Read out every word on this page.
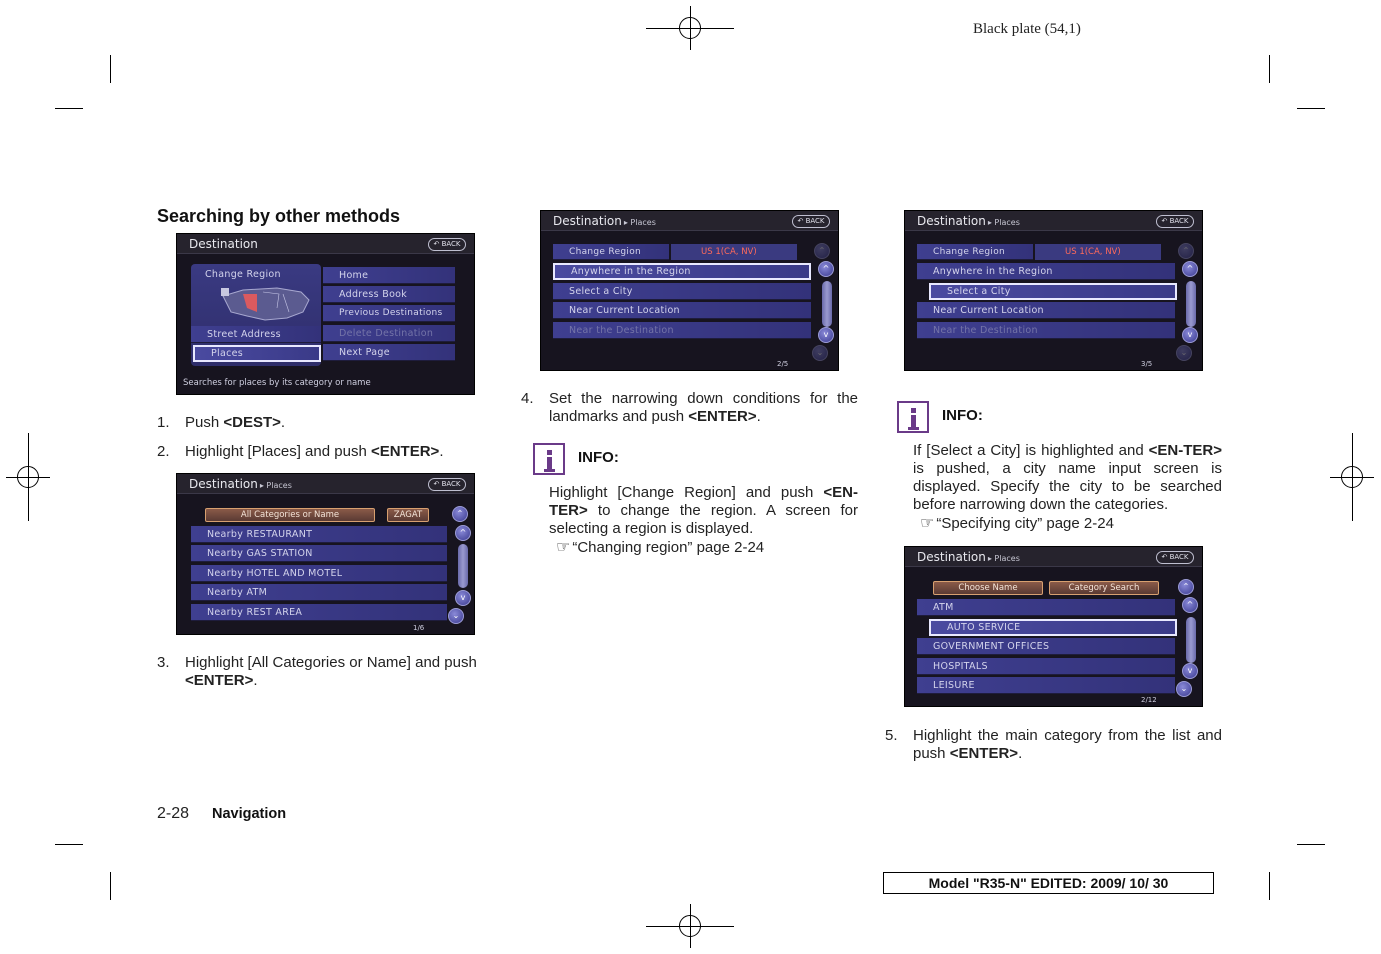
Black plate (54,1)
Searching by other methods
Destination	↶ BACK
Change Region
Street Address
Places
Home
Address Book
Previous Destinations
Delete Destination
Next Page
Searches for places by its category or name
1. Push <DEST>.
2. Highlight [Places] and push <ENTER>.
Destination ▸ Places	↶ BACK
All Categories or Name	ZAGAT
Nearby RESTAURANT
Nearby GAS STATION
Nearby HOTEL AND MOTEL
Nearby ATM
Nearby REST AREA
⌃
^
v
⌄
1/6
3. Highlight [All Categories or Name] and push <ENTER>.
Destination ▸ Places	↶ BACK
Change Region	US 1(CA, NV)
Anywhere in the Region
Select a City
Near Current Location
Near the Destination
⌃
^
v
⌄
2/5
4. Set the narrowing down conditions for the landmarks and push <ENTER>.
INFO:
Highlight [Change Region] and push <EN-TER> to change the region. A screen for selecting a region is displayed.
☞ “Changing region” page 2-24
Destination ▸ Places	↶ BACK
Change Region	US 1(CA, NV)
Anywhere in the Region
Select a City
Near Current Location
Near the Destination
⌃
^
v
⌄
3/5
INFO:
If [Select a City] is highlighted and <EN-TER> is pushed, a city name input screen is displayed. Specify the city to be searched before narrowing down the categories.
☞ “Specifying city” page 2-24
Destination ▸ Places	↶ BACK
Choose Name	Category Search
ATM
AUTO SERVICE
GOVERNMENT OFFICES
HOSPITALS
LEISURE
⌃
^
v
⌄
2/12
5. Highlight the main category from the list and push <ENTER>.
2-28 Navigation
Model "R35-N" EDITED: 2009/ 10/ 30
